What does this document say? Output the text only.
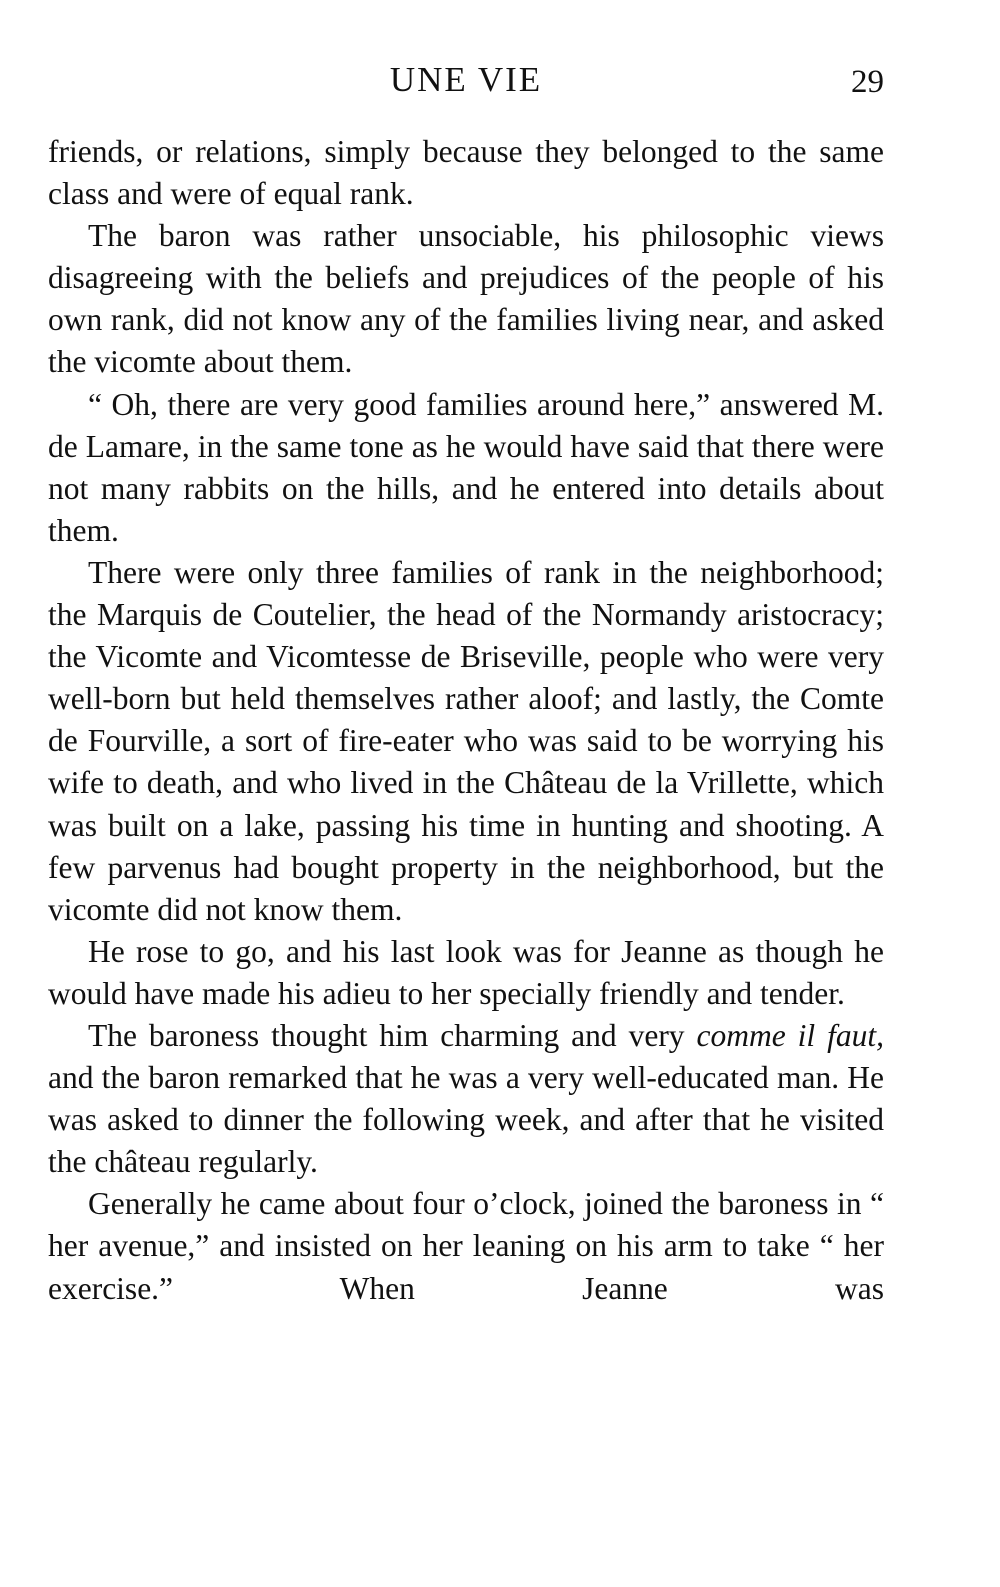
UNE VIE	29

friends, or relations, simply because they belonged to the same class and were of equal rank.

The baron was rather unsociable, his philosophic views disagreeing with the beliefs and prejudices of the people of his own rank, did not know any of the families living near, and asked the vicomte about them.

“ Oh, there are very good families around here,” answered M. de Lamare, in the same tone as he would have said that there were not many rabbits on the hills, and he entered into details about them.

There were only three families of rank in the neighborhood; the Marquis de Coutelier, the head of the Normandy aristocracy; the Vicomte and Vicomtesse de Briseville, people who were very well-born but held themselves rather aloof; and lastly, the Comte de Fourville, a sort of fire-eater who was said to be worrying his wife to death, and who lived in the Château de la Vrillette, which was built on a lake, passing his time in hunting and shooting. A few parvenus had bought property in the neighborhood, but the vicomte did not know them.

He rose to go, and his last look was for Jeanne as though he would have made his adieu to her specially friendly and tender.

The baroness thought him charming and very comme il faut, and the baron remarked that he was a very well-educated man. He was asked to dinner the following week, and after that he visited the château regularly.

Generally he came about four o’clock, joined the baroness in “ her avenue,” and insisted on her leaning on his arm to take “ her exercise.” When Jeanne was
